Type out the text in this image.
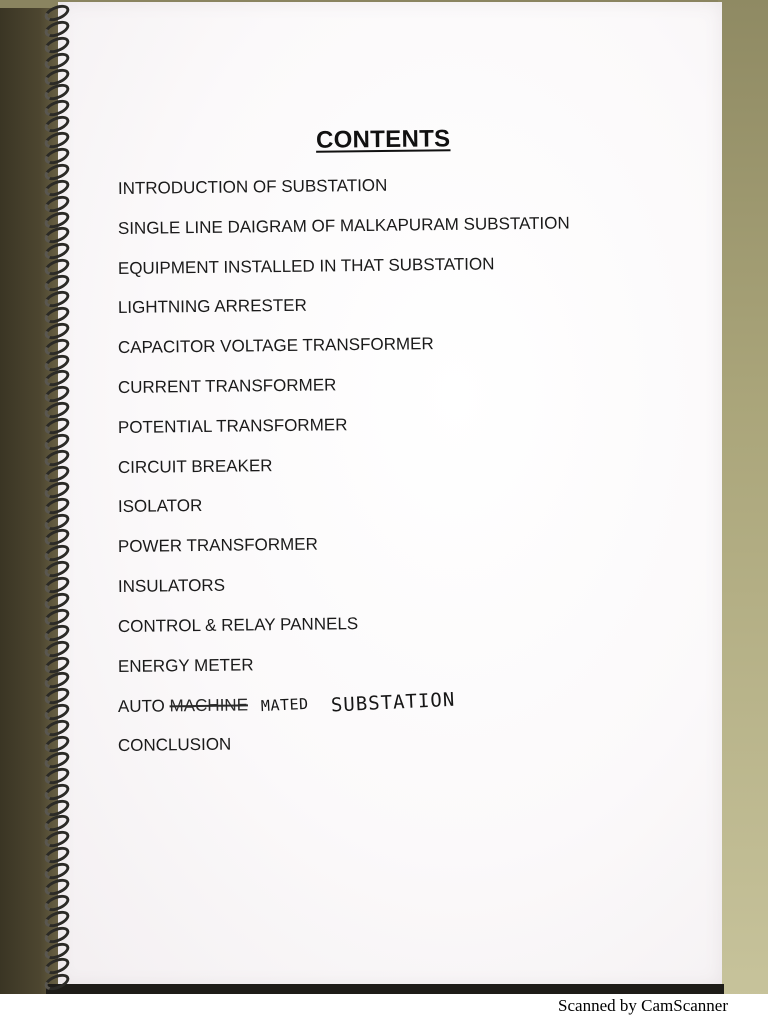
CONTENTS
INTRODUCTION OF SUBSTATION
SINGLE LINE DAIGRAM OF MALKAPURAM SUBSTATION
EQUIPMENT INSTALLED IN THAT SUBSTATION
LIGHTNING ARRESTER
CAPACITOR VOLTAGE TRANSFORMER
CURRENT TRANSFORMER
POTENTIAL TRANSFORMER
CIRCUIT BREAKER
ISOLATOR
POWER TRANSFORMER
INSULATORS
CONTROL & RELAY PANNELS
ENERGY METER
AUTO MACHINE MATED SUBSTATION
CONCLUSION
Scanned by CamScanner
